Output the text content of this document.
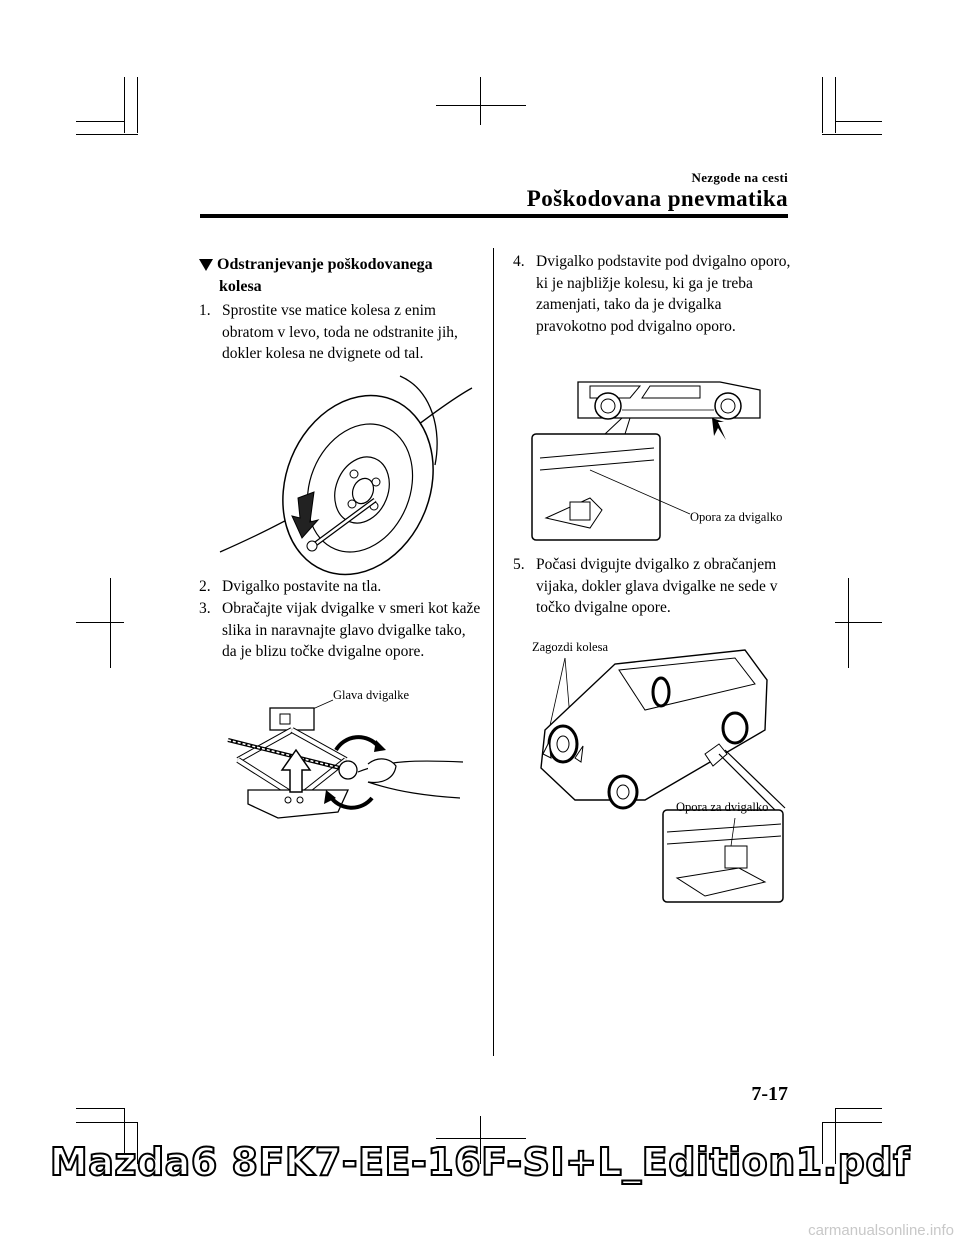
Nezgode na cesti
Poškodovana pnevmatika
Odstranjevanje poškodovanega
kolesa
1. Sprostite vse matice kolesa z enim obratom v levo, toda ne odstranite jih, dokler kolesa ne dvignete od tal.
2. Dvigalko postavite na tla.
3. Obračajte vijak dvigalke v smeri kot kaže slika in naravnajte glavo dvigalke tako, da je blizu točke dvigalne opore.
4. Dvigalko podstavite pod dvigalno oporo, ki je najbližje kolesu, ki ga je treba zamenjati, tako da je dvigalka pravokotno pod dvigalno oporo.
5. Počasi dvigujte dvigalko z obračanjem vijaka, dokler glava dvigalke ne sede v točko dvigalne opore.
Glava dvigalke
Opora za dvigalko
Zagozdi kolesa
Opora za dvigalko
7-17
Mazda6 8FK7-EE-16F-SI+L_Edition1.pdf
carmanualsonline.info
